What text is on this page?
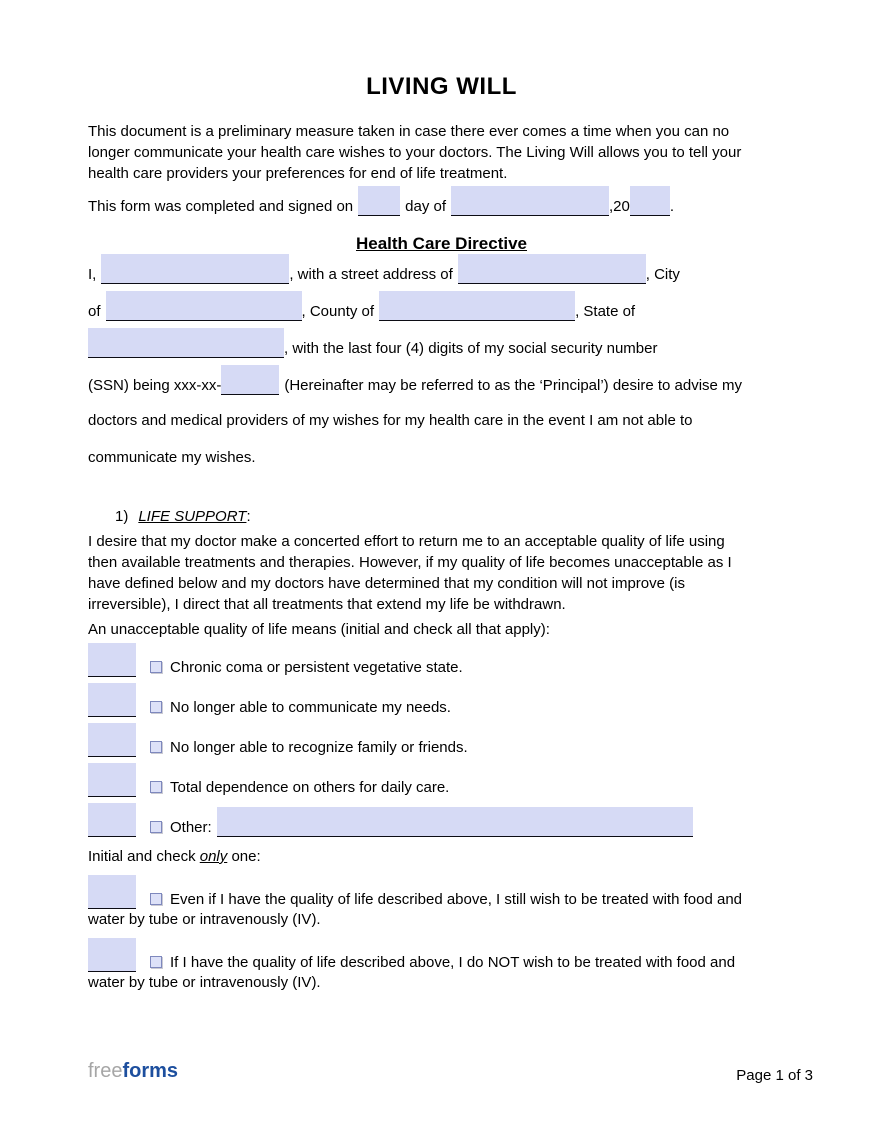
LIVING WILL
This document is a preliminary measure taken in case there ever comes a time when you can no
longer communicate your health care wishes to your doctors. The Living Will allows you to tell your
health care providers your preferences for end of life treatment.
This form was completed and signed on	day of	,20	.
Health Care Directive
I,	, with a street address of	, City
of	, County of	, State of
, with the last four (4) digits of my social security number
(SSN) being xxx-xx-	(Hereinafter may be referred to as the ‘Principal’) desire to advise my
doctors and medical providers of my wishes for my health care in the event I am not able to
communicate my wishes.
1) LIFE SUPPORT:
I desire that my doctor make a concerted effort to return me to an acceptable quality of life using
then available treatments and therapies. However, if my quality of life becomes unacceptable as I
have defined below and my doctors have determined that my condition will not improve (is
irreversible), I direct that all treatments that extend my life be withdrawn.
An unacceptable quality of life means (initial and check all that apply):
Chronic coma or persistent vegetative state.
No longer able to communicate my needs.
No longer able to recognize family or friends.
Total dependence on others for daily care.
Other:
Initial and check only one:
Even if I have the quality of life described above, I still wish to be treated with food and
water by tube or intravenously (IV).
If I have the quality of life described above, I do NOT wish to be treated with food and
water by tube or intravenously (IV).
freeforms	Page 1 of 3
